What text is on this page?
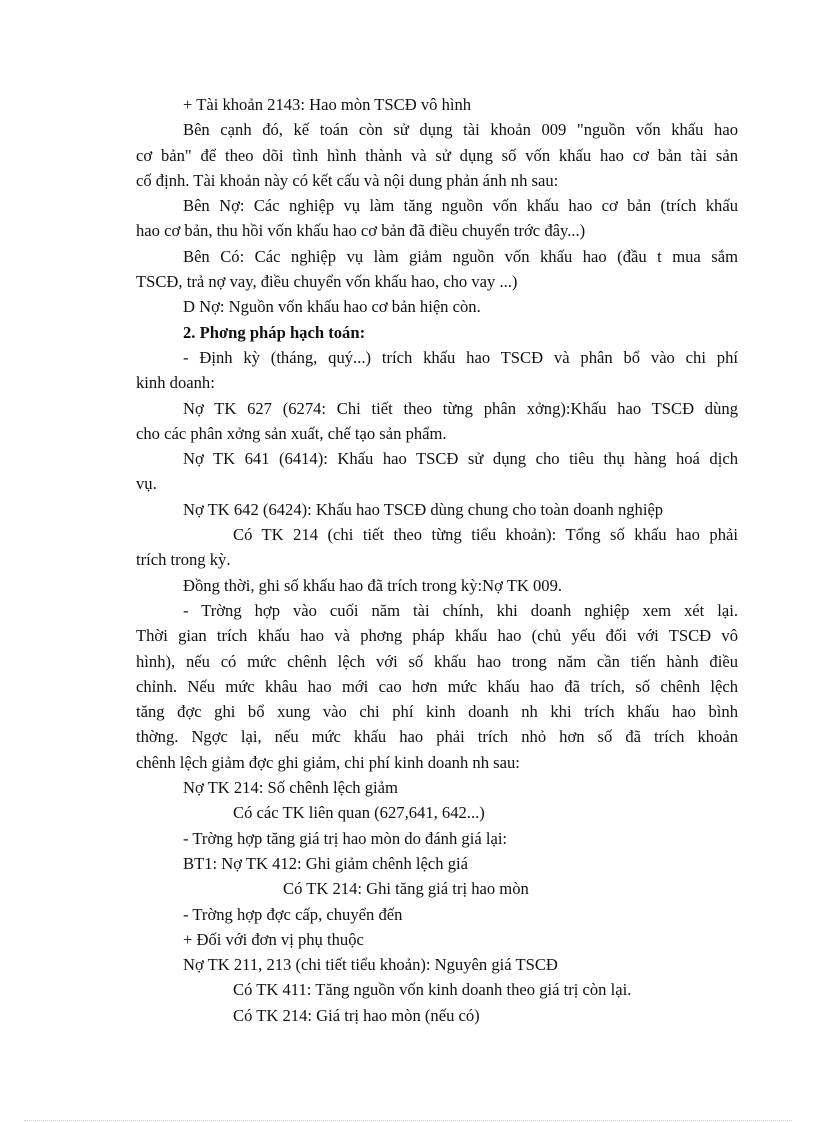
+ Tài khoản 2143: Hao mòn TSCĐ vô hình
Bên cạnh đó, kế toán còn sử dụng tài khoản 009 "nguồn vốn khấu hao
cơ bản" để theo dõi tình hình thành và sử dụng số vốn khấu hao cơ bản tài sản
cố định. Tài khoản này có kết cấu và nội dung phản ánh nh sau:
Bên Nợ: Các nghiệp vụ làm tăng nguồn vốn khấu hao cơ bản (trích khấu
hao cơ bản, thu hồi vốn khấu hao cơ bản đã điều chuyển trớc đây...)
Bên Có: Các nghiệp vụ làm giảm nguồn vốn khấu hao (đầu t mua sắm
TSCĐ, trả nợ vay, điều chuyển vốn khấu hao, cho vay ...)
D Nợ: Nguồn vốn khấu hao cơ bản hiện còn.
2. Phơng pháp hạch toán:
- Định kỳ (tháng, quý...) trích khấu hao TSCĐ và phân bổ vào chi phí
kinh doanh:
Nợ TK 627 (6274: Chi tiết theo từng phân xởng):Khấu hao TSCĐ dùng
cho các phân xởng sản xuất, chế tạo sản phẩm.
Nợ TK 641 (6414): Khấu hao TSCĐ sử dụng cho tiêu thụ hàng hoá dịch
vụ.
Nợ TK 642 (6424): Khấu hao TSCĐ dùng chung cho toàn doanh nghiệp
Có TK 214 (chi tiết theo từng tiểu khoản): Tổng số khấu hao phải
trích trong kỳ.
Đồng thời, ghi số khấu hao đã trích trong kỳ:Nợ TK 009.
- Trờng hợp vào cuối năm tài chính, khi doanh nghiệp xem xét lại.
Thời gian trích khấu hao và phơng pháp khấu hao (chủ yếu đối với TSCĐ vô
hình), nếu có mức chênh lệch với số khấu hao trong năm cần tiến hành điều
chỉnh. Nếu mức khâu hao mới cao hơn mức khấu hao đã trích, số chênh lệch
tăng đợc ghi bổ xung vào chi phí kinh doanh nh khi trích khấu hao bình
thờng. Ngợc lại, nếu mức khấu hao phải trích nhỏ hơn số đã trích khoản
chênh lệch giảm đợc ghi giảm, chi phí kinh doanh nh sau:
Nợ TK 214: Số chênh lệch giảm
Có các TK liên quan (627,641, 642...)
- Trờng hợp tăng giá trị hao mòn do đánh giá lại:
BT1: Nợ TK 412: Ghi giảm chênh lệch giá
Có TK 214: Ghi tăng giá trị hao mòn
- Trờng hợp đợc cấp, chuyển đến
+ Đối với đơn vị phụ thuộc
Nợ TK 211, 213 (chi tiết tiểu khoản): Nguyên giá TSCĐ
Có TK 411: Tăng nguồn vốn kinh doanh theo giá trị còn lại.
Có TK 214: Giá trị hao mòn (nếu có)
